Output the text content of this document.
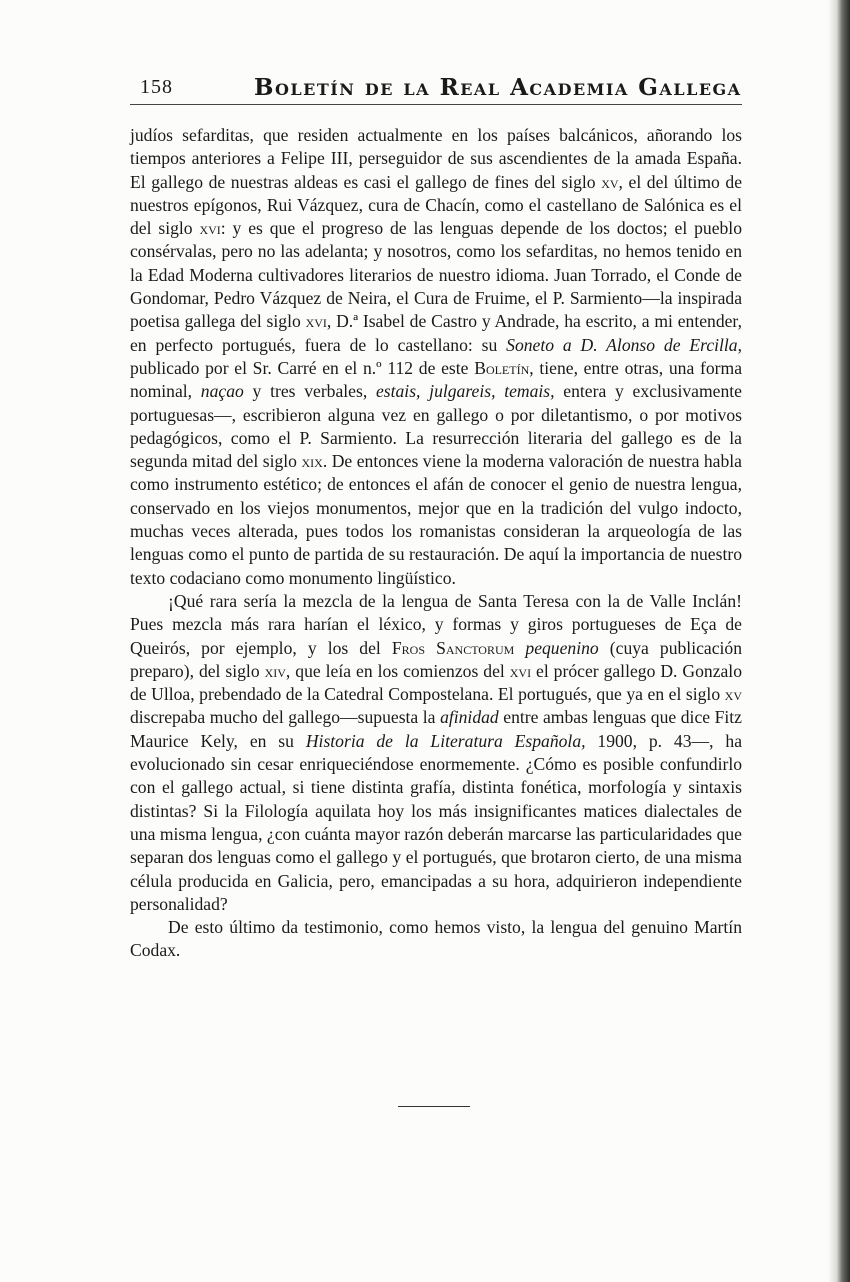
158	Boletín de la Real Academia Gallega

judíos sefarditas, que residen actualmente en los países balcánicos, añorando los tiempos anteriores a Felipe III, perseguidor de sus ascendientes de la amada España. El gallego de nuestras aldeas es casi el gallego de fines del siglo xv, el del último de nuestros epígonos, Rui Vázquez, cura de Chacín, como el castellano de Salónica es el del siglo xvi: y es que el progreso de las lenguas depende de los doctos; el pueblo consérvalas, pero no las adelanta; y nosotros, como los sefarditas, no hemos tenido en la Edad Moderna cultivadores literarios de nuestro idioma. Juan Torrado, el Conde de Gondomar, Pedro Vázquez de Neira, el Cura de Fruime, el P. Sarmiento—la inspirada poetisa gallega del siglo xvi, D.ª Isabel de Castro y Andrade, ha escrito, a mi entender, en perfecto portugués, fuera de lo castellano: su Soneto a D. Alonso de Ercilla, publicado por el Sr. Carré en el n.º 112 de este Boletín, tiene, entre otras, una forma nominal, naçao y tres verbales, estais, julgareis, temais, entera y exclusivamente portuguesas—, escribieron alguna vez en gallego o por diletantismo, o por motivos pedagógicos, como el P. Sarmiento. La resurrección literaria del gallego es de la segunda mitad del siglo xix. De entonces viene la moderna valoración de nuestra habla como instrumento estético; de entonces el afán de conocer el genio de nuestra lengua, conservado en los viejos monumentos, mejor que en la tradición del vulgo indocto, muchas veces alterada, pues todos los romanistas consideran la arqueología de las lenguas como el punto de partida de su restauración. De aquí la importancia de nuestro texto codaciano como monumento lingüístico.

¡Qué rara sería la mezcla de la lengua de Santa Teresa con la de Valle Inclán! Pues mezcla más rara harían el léxico, y formas y giros portugueses de Eça de Queirós, por ejemplo, y los del Fros Sanctorum pequenino (cuya publicación preparo), del siglo xiv, que leía en los comienzos del xvi el prócer gallego D. Gonzalo de Ulloa, prebendado de la Catedral Compostelana. El portugués, que ya en el siglo xv discrepaba mucho del gallego—supuesta la afinidad entre ambas lenguas que dice Fitz Maurice Kely, en su Historia de la Literatura Española, 1900, p. 43—, ha evolucionado sin cesar enriqueciéndose enormemente. ¿Cómo es posible confundirlo con el gallego actual, si tiene distinta grafía, distinta fonética, morfología y sintaxis distintas? Si la Filología aquilata hoy los más insignificantes matices dialectales de una misma lengua, ¿con cuánta mayor razón deberán marcarse las particularidades que separan dos lenguas como el gallego y el portugués, que brotaron cierto, de una misma célula producida en Galicia, pero, emancipadas a su hora, adquirieron independiente personalidad?

De esto último da testimonio, como hemos visto, la lengua del genuino Martín Codax.
